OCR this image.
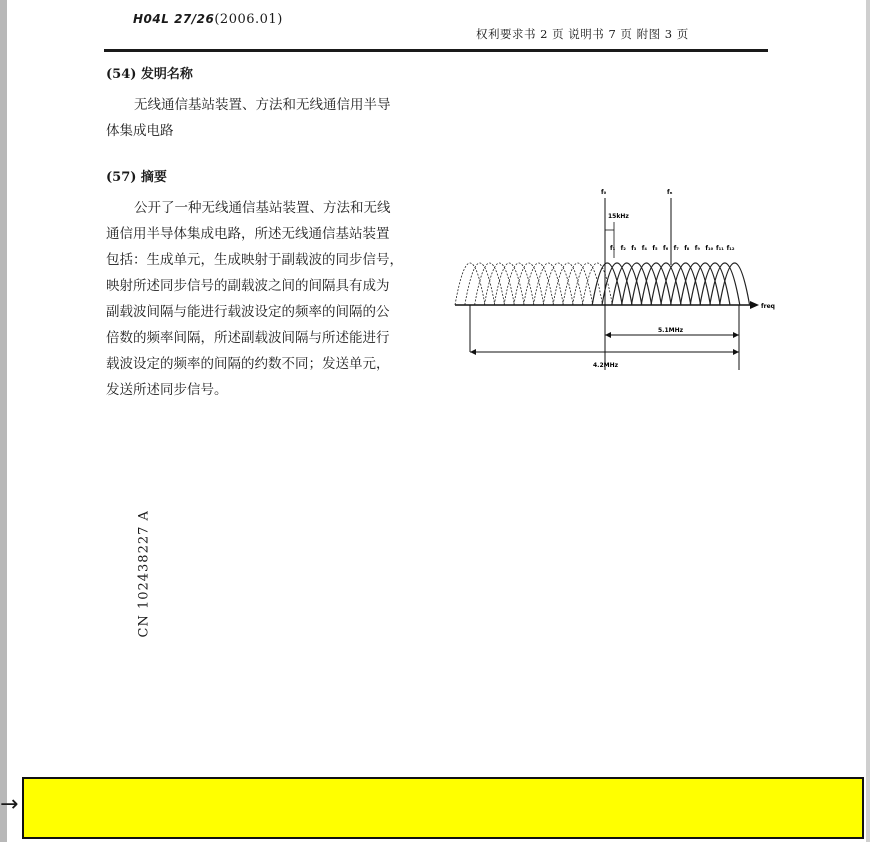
H04L 27/26(2006.01)
权利要求书 2 页 说明书 7 页 附图 3 页
(54) 发明名称
无线通信基站装置、方法和无线通信用半导
体集成电路
(57) 摘要
公开了一种无线通信基站装置、方法和无线
通信用半导体集成电路，所述无线通信基站装置
包括：生成单元，生成映射于副载波的同步信号，
映射所述同步信号的副载波之间的间隔具有成为
副载波间隔与能进行载波设定的频率的间隔的公
倍数的频率间隔，所述副载波间隔与所述能进行
载波设定的频率的间隔的约数不同；发送单元，
发送所述同步信号。
CN 102438227 A
freq
f₀	fₙ
15kHz
f₁ f₂ f₃ f₄ f₅ f₆ f₇ f₈ f₉ f₁₀ f₁₁ f₁₂
5.1MHz
4.2MHz
→
